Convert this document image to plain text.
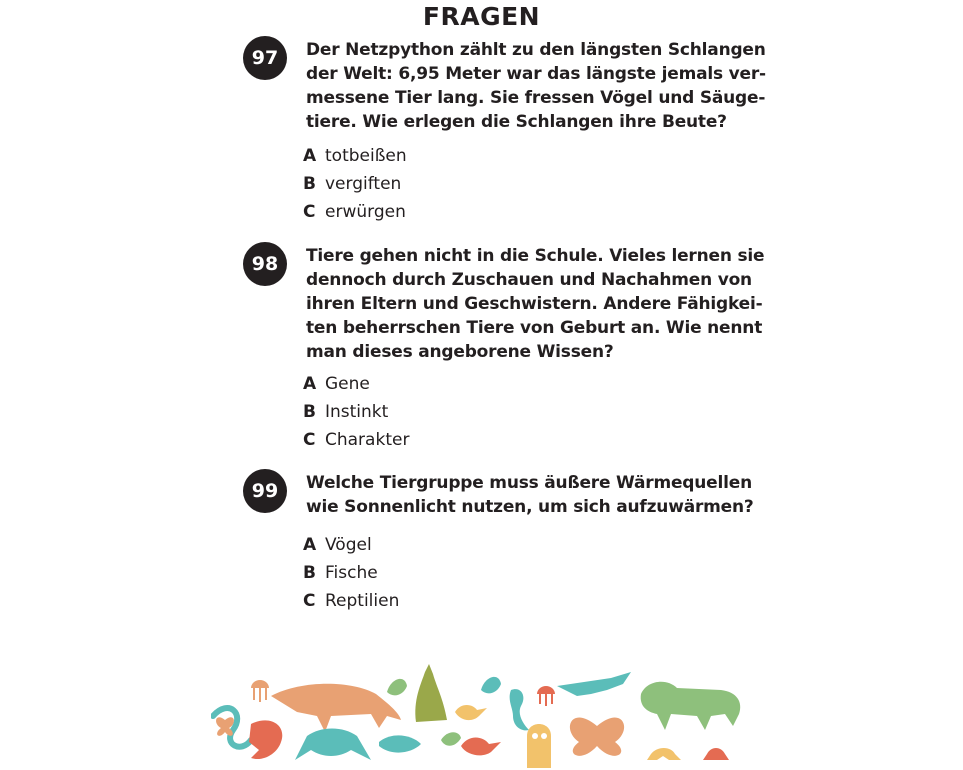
FRAGEN
97	Der Netzpython zählt zu den längsten Schlangen
der Welt: 6,95 Meter war das längste jemals ver-
messene Tier lang. Sie fressen Vögel und Säuge-
tiere. Wie erlegen die Schlangen ihre Beute?

A totbeißen
B vergiften
C erwürgen
98	Tiere gehen nicht in die Schule. Vieles lernen sie
dennoch durch Zuschauen und Nachahmen von
ihren Eltern und Geschwistern. Andere Fähigkei-
ten beherrschen Tiere von Geburt an. Wie nennt
man dieses angeborene Wissen?

A Gene
B Instinkt
C Charakter
99	Welche Tiergruppe muss äußere Wärmequellen
wie Sonnenlicht nutzen, um sich aufzuwärmen?

A Vögel
B Fische
C Reptilien
